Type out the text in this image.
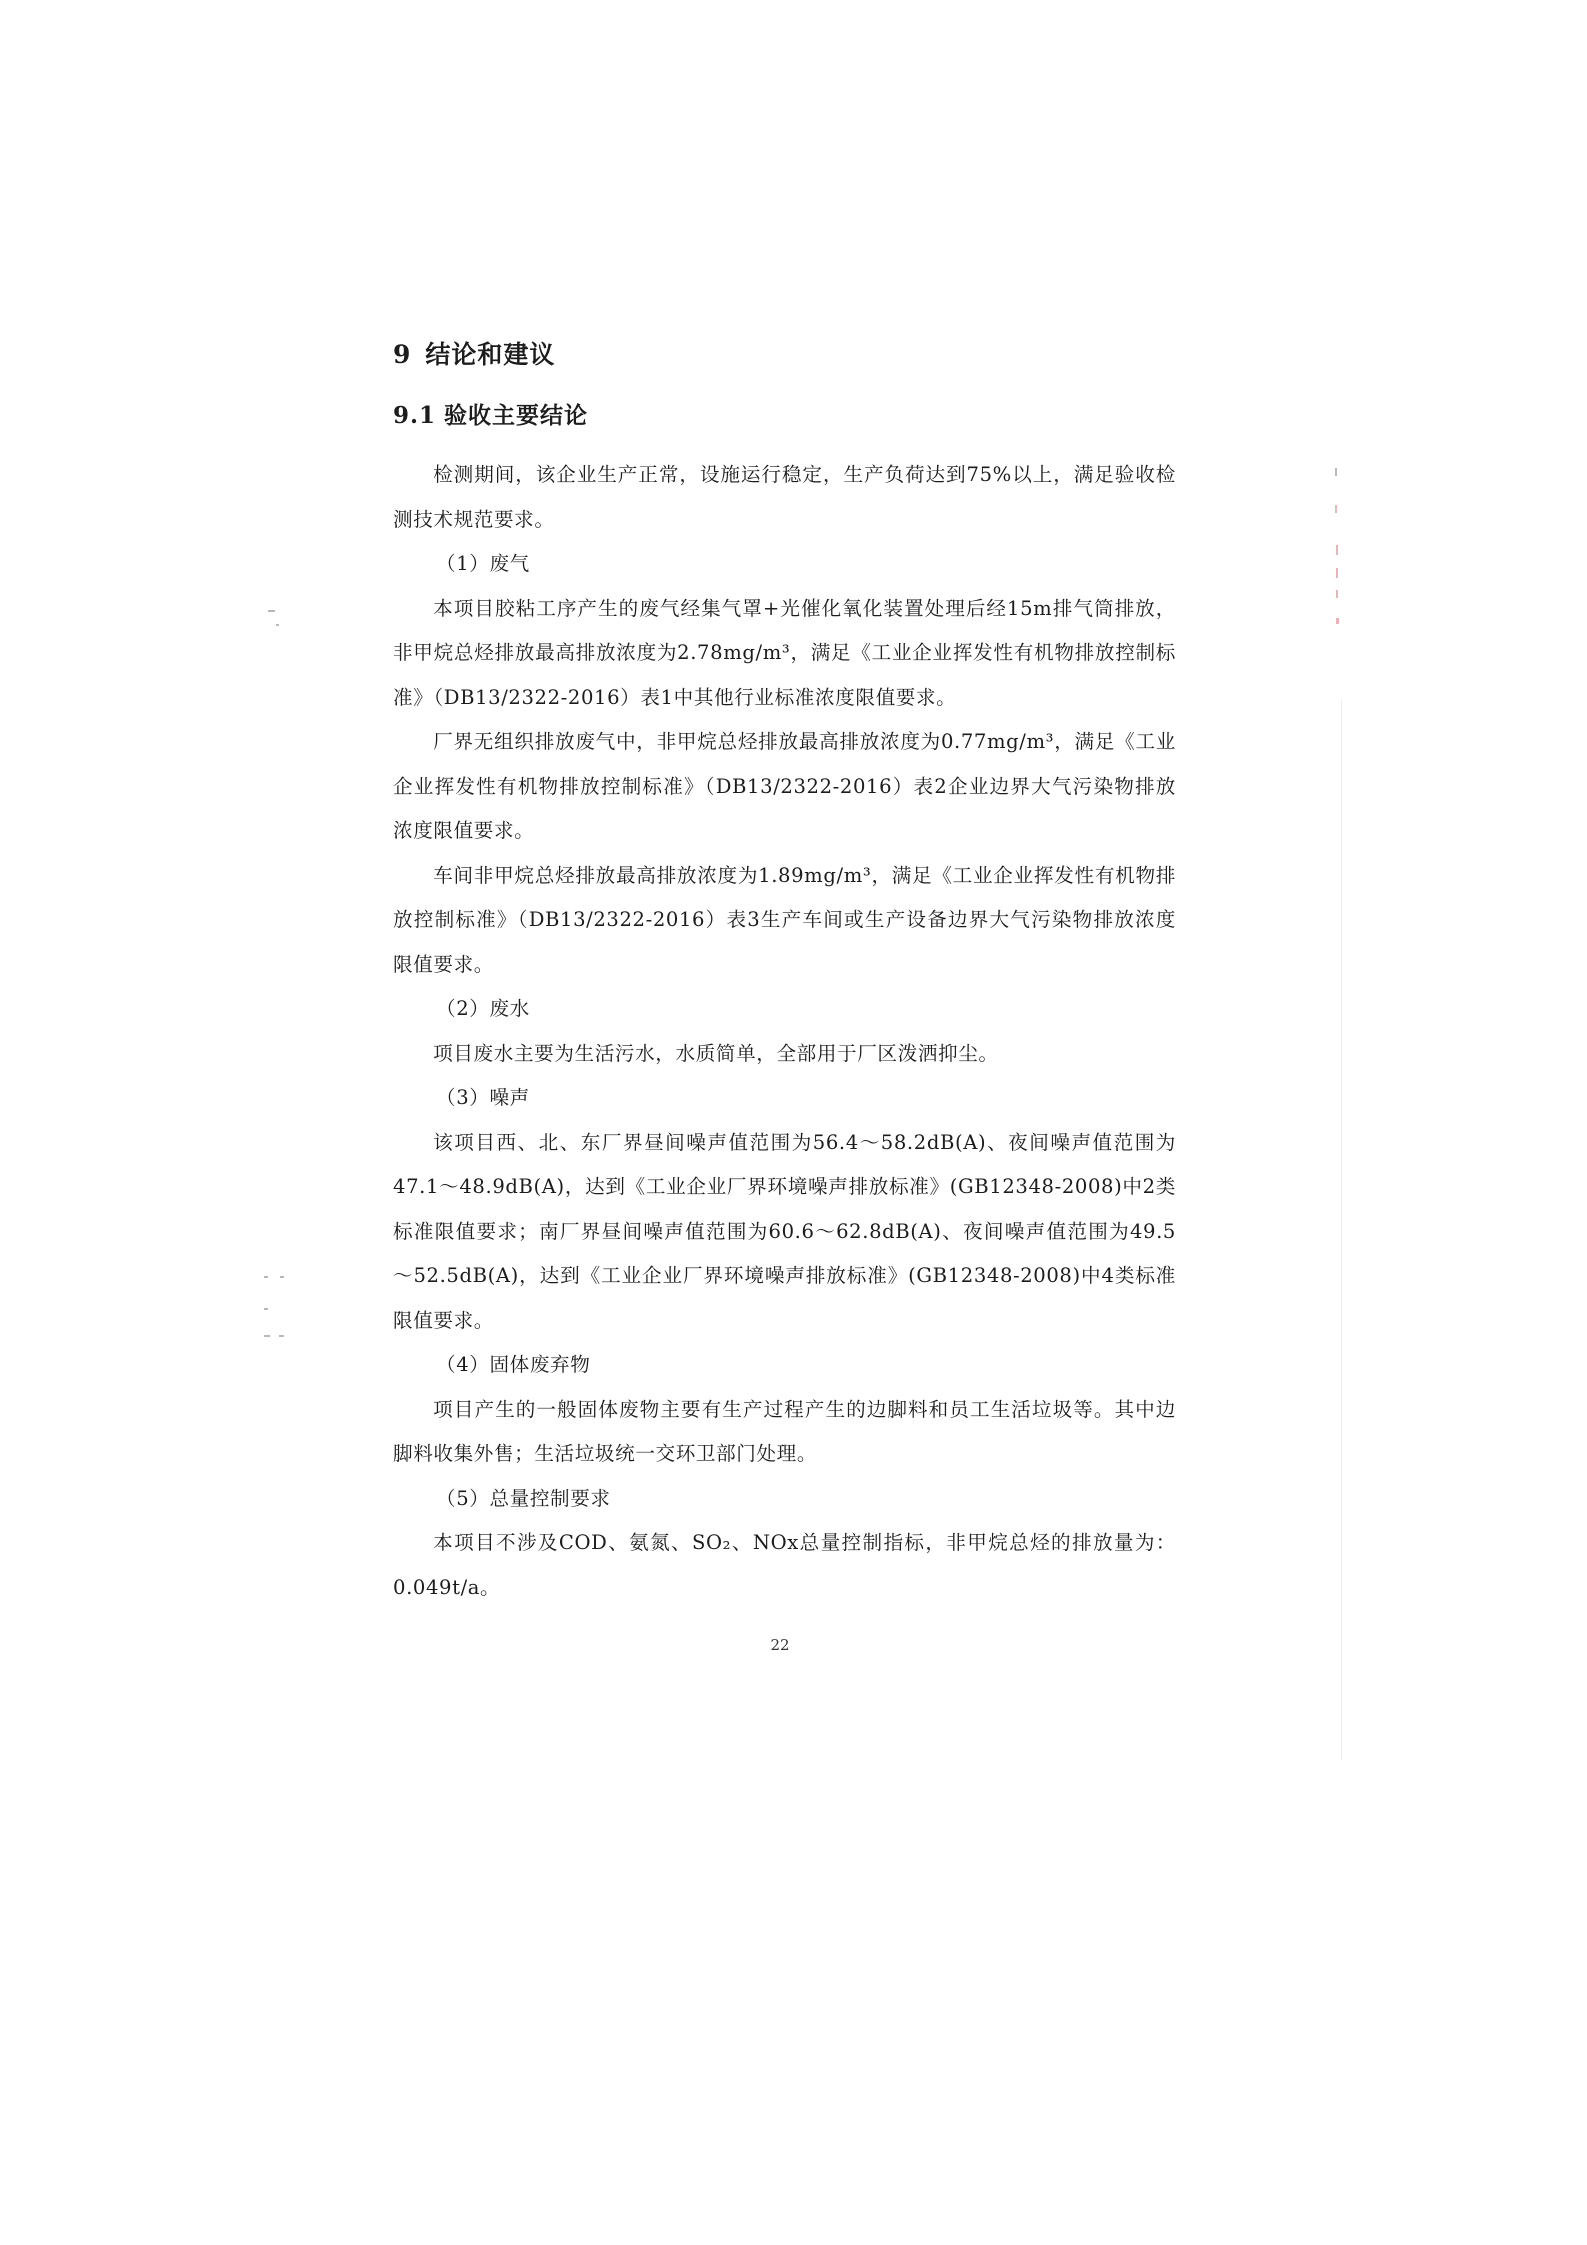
9 结论和建议
9.1 验收主要结论

检测期间，该企业生产正常，设施运行稳定，生产负荷达到75%以上，满足验收检测技术规范要求。

（1）废气

本项目胶粘工序产生的废气经集气罩+光催化氧化装置处理后经15m排气筒排放，非甲烷总烃排放最高排放浓度为2.78mg/m³，满足《工业企业挥发性有机物排放控制标准》（DB13/2322-2016）表1中其他行业标准浓度限值要求。

厂界无组织排放废气中，非甲烷总烃排放最高排放浓度为0.77mg/m³，满足《工业企业挥发性有机物排放控制标准》（DB13/2322-2016）表2企业边界大气污染物排放浓度限值要求。

车间非甲烷总烃排放最高排放浓度为1.89mg/m³，满足《工业企业挥发性有机物排放控制标准》（DB13/2322-2016）表3生产车间或生产设备边界大气污染物排放浓度限值要求。

（2）废水

项目废水主要为生活污水，水质简单，全部用于厂区泼洒抑尘。

（3）噪声

该项目西、北、东厂界昼间噪声值范围为56.4～58.2dB(A)、夜间噪声值范围为47.1～48.9dB(A)，达到《工业企业厂界环境噪声排放标准》(GB12348-2008)中2类标准限值要求；南厂界昼间噪声值范围为60.6～62.8dB(A)、夜间噪声值范围为49.5～52.5dB(A)，达到《工业企业厂界环境噪声排放标准》(GB12348-2008)中4类标准限值要求。

（4）固体废弃物

项目产生的一般固体废物主要有生产过程产生的边脚料和员工生活垃圾等。其中边脚料收集外售；生活垃圾统一交环卫部门处理。

（5）总量控制要求

本项目不涉及COD、氨氮、SO₂、NOx总量控制指标，非甲烷总烃的排放量为：0.049t/a。

22
